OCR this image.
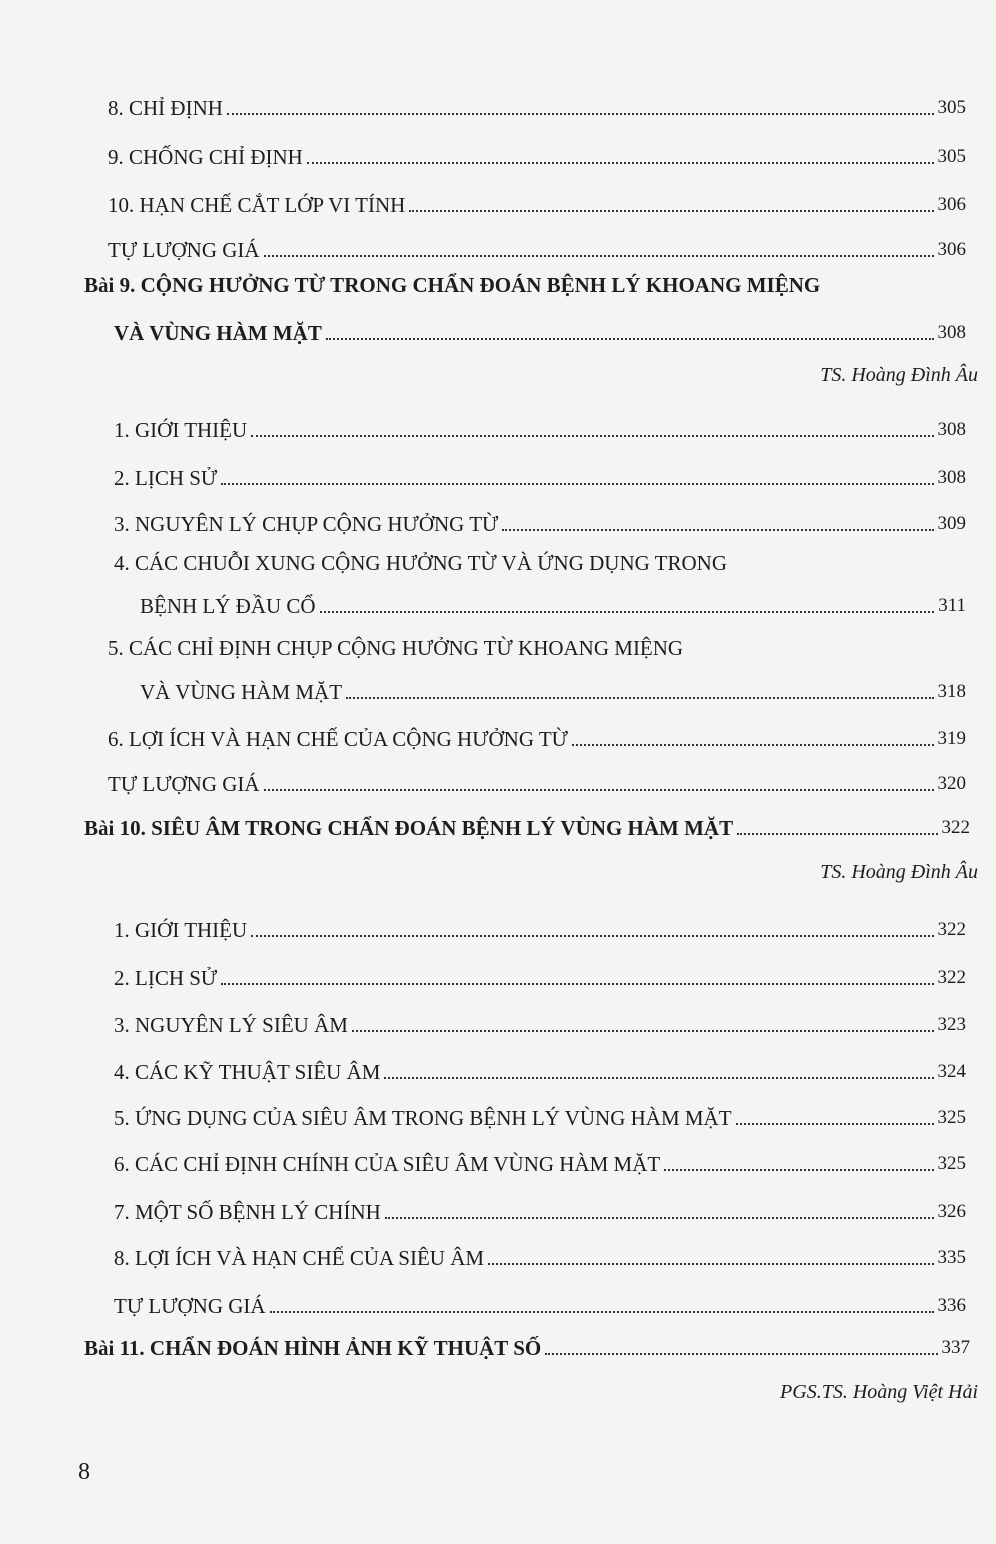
8. CHỈ ĐỊNH	305
9. CHỐNG CHỈ ĐỊNH	305
10. HẠN CHẾ CẮT LỚP VI TÍNH	306
TỰ LƯỢNG GIÁ	306
Bài 9. CỘNG HƯỞNG TỪ TRONG CHẨN ĐOÁN BỆNH LÝ KHOANG MIỆNG
VÀ VÙNG HÀM MẶT	308
TS. Hoàng Đình Âu
1. GIỚI THIỆU	308
2. LỊCH SỬ	308
3. NGUYÊN LÝ CHỤP CỘNG HƯỞNG TỪ	309
4. CÁC CHUỖI XUNG CỘNG HƯỞNG TỪ VÀ ỨNG DỤNG TRONG
BỆNH LÝ ĐẦU CỔ	311
5. CÁC CHỈ ĐỊNH CHỤP CỘNG HƯỞNG TỪ KHOANG MIỆNG
VÀ VÙNG HÀM MẶT	318
6. LỢI ÍCH VÀ HẠN CHẾ CỦA CỘNG HƯỞNG TỪ	319
TỰ LƯỢNG GIÁ	320
Bài 10. SIÊU ÂM TRONG CHẨN ĐOÁN BỆNH LÝ VÙNG HÀM MẶT	322
TS. Hoàng Đình Âu
1. GIỚI THIỆU	322
2. LỊCH SỬ	322
3. NGUYÊN LÝ SIÊU ÂM	323
4. CÁC KỸ THUẬT SIÊU ÂM	324
5. ỨNG DỤNG CỦA SIÊU ÂM TRONG BỆNH LÝ VÙNG HÀM MẶT	325
6. CÁC CHỈ ĐỊNH CHÍNH CỦA SIÊU ÂM VÙNG HÀM MẶT	325
7. MỘT SỐ BỆNH LÝ CHÍNH	326
8. LỢI ÍCH VÀ HẠN CHẾ CỦA SIÊU ÂM	335
TỰ LƯỢNG GIÁ	336
Bài 11. CHẨN ĐOÁN HÌNH ẢNH KỸ THUẬT SỐ	337
PGS.TS. Hoàng Việt Hải
8
